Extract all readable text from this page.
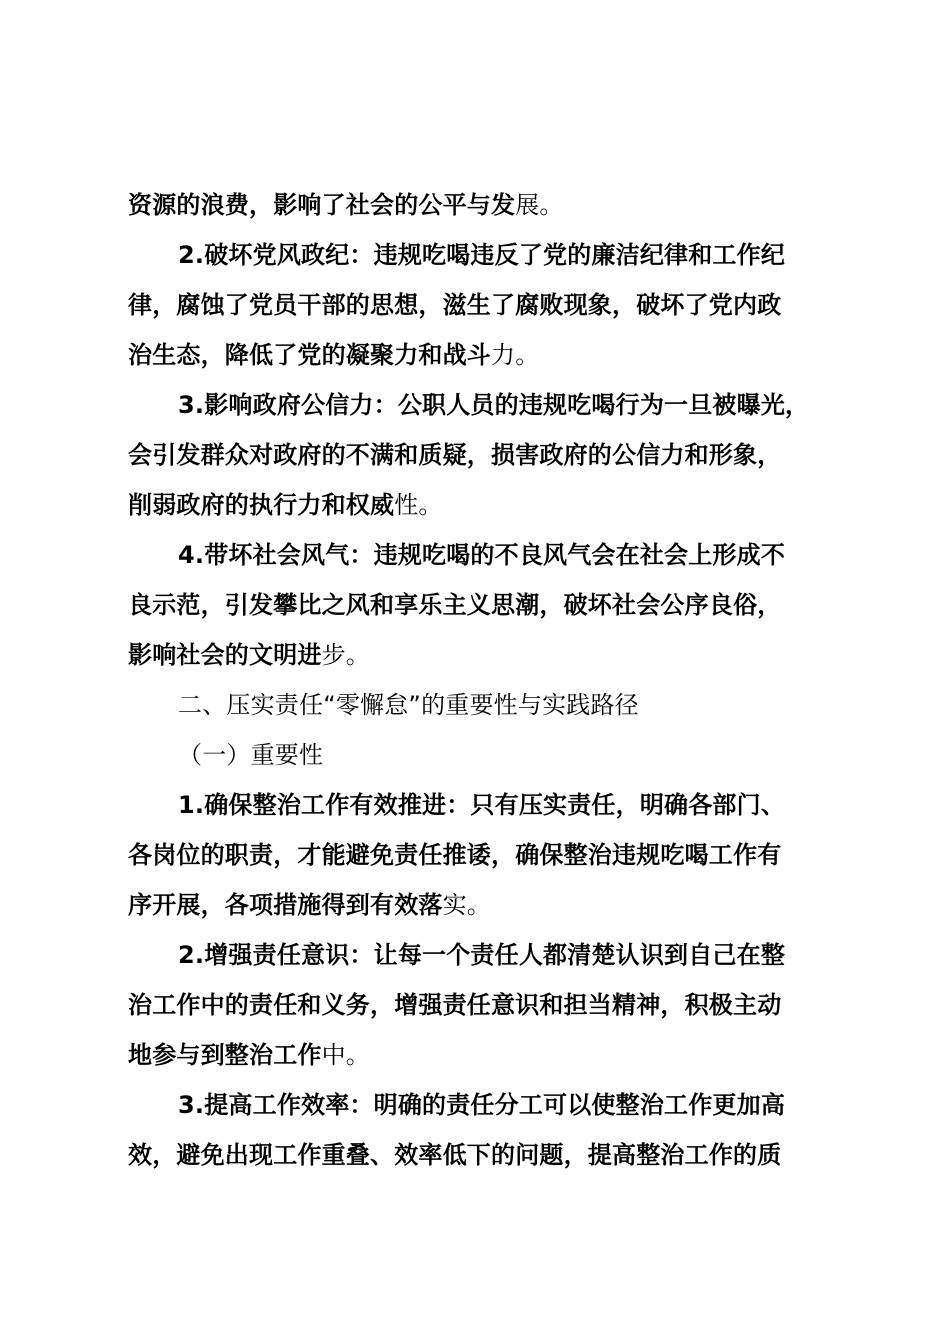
资源的浪费，影响了社会的公平与发展。
2.破坏党风政纪：违规吃喝违反了党的廉洁纪律和工作纪
律，腐蚀了党员干部的思想，滋生了腐败现象，破坏了党内政
治生态，降低了党的凝聚力和战斗力。
3.影响政府公信力：公职人员的违规吃喝行为一旦被曝光，
会引发群众对政府的不满和质疑，损害政府的公信力和形象，
削弱政府的执行力和权威性。
4.带坏社会风气：违规吃喝的不良风气会在社会上形成不
良示范，引发攀比之风和享乐主义思潮，破坏社会公序良俗，
影响社会的文明进步。
二、压实责任“零懈怠”的重要性与实践路径
（一）重要性
1.确保整治工作有效推进：只有压实责任，明确各部门、
各岗位的职责，才能避免责任推诿，确保整治违规吃喝工作有
序开展，各项措施得到有效落实。
2.增强责任意识：让每一个责任人都清楚认识到自己在整
治工作中的责任和义务，增强责任意识和担当精神，积极主动
地参与到整治工作中。
3.提高工作效率：明确的责任分工可以使整治工作更加高
效，避免出现工作重叠、效率低下的问题，提高整治工作的质
